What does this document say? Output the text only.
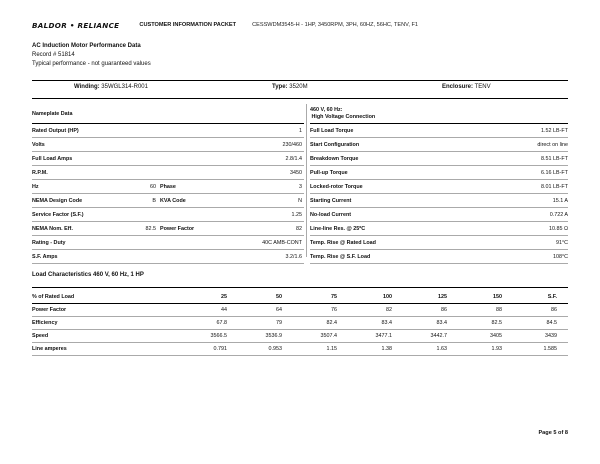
BALDOR • RELIANCE	CUSTOMER INFORMATION PACKET	CESSWDM3545-H - 1HP, 3450RPM, 3PH, 60HZ, 56HC, TENV, F1
AC Induction Motor Performance Data
Record # 51814
Typical performance - not guaranteed values
Winding: 35WGL314-R001	Type: 3520M	Enclosure: TENV
Nameplate Data
Rated Output (HP)	1
Volts	230/460
Full Load Amps	2.8/1.4
R.P.M.	3450
Hz	60 Phase	3
NEMA Design Code	B KVA Code	N
Service Factor (S.F.)	1.25
NEMA Nom. Eff.	82.5 Power Factor	82
Rating - Duty	40C AMB-CONT
S.F. Amps	3.2/1.6
460 V, 60 Hz:
High Voltage Connection
Full Load Torque	1.52 LB-FT
Start Configuration	direct on line
Breakdown Torque	8.51 LB-FT
Pull-up Torque	6.16 LB-FT
Locked-rotor Torque	8.01 LB-FT
Starting Current	15.1 A
No-load Current	0.722 A
Line-line Res. @ 25ºC	10.85 Ω
Temp. Rise @ Rated Load	91°C
Temp. Rise @ S.F. Load	108°C
Load Characteristics 460 V, 60 Hz, 1 HP
% of Rated Load	25	50	75	100	125	150	S.F.
Power Factor	44	64	76	82	86	88	86
Efficiency	67.8	79	82.4	83.4	83.4	82.5	84.5
Speed	3566.5	3536.9	3507.4	3477.1	3442.7	3405	3439
Line amperes	0.791	0.953	1.15	1.38	1.63	1.93	1.585
Page 5 of 8
